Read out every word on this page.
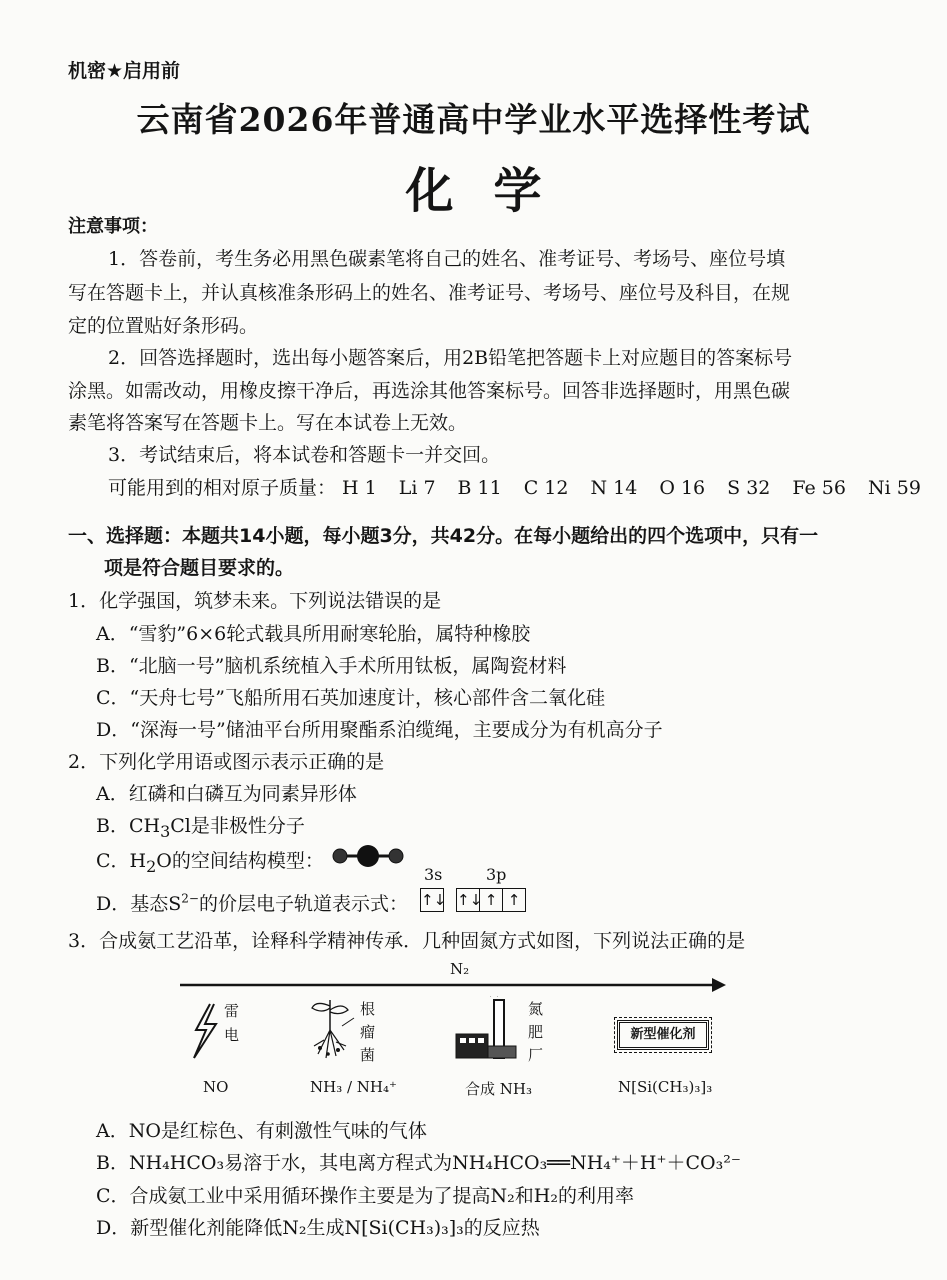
机密★启用前
云南省2026年普通高中学业水平选择性考试
化学
注意事项：
1．答卷前，考生务必用黑色碳素笔将自己的姓名、准考证号、考场号、座位号填
写在答题卡上，并认真核准条形码上的姓名、准考证号、考场号、座位号及科目，在规
定的位置贴好条形码。
2．回答选择题时，选出每小题答案后，用2B铅笔把答题卡上对应题目的答案标号
涂黑。如需改动，用橡皮擦干净后，再选涂其他答案标号。回答非选择题时，用黑色碳
素笔将答案写在答题卡上。写在本试卷上无效。
3．考试结束后，将本试卷和答题卡一并交回。
可能用到的相对原子质量： H 1 Li 7 B 11 C 12 N 14 O 16 S 32 Fe 56 Ni 59
一、选择题：本题共14小题，每小题3分，共42分。在每小题给出的四个选项中，只有一
项是符合题目要求的。
1．化学强国，筑梦未来。下列说法错误的是
A．“雪豹”6×6轮式载具所用耐寒轮胎，属特种橡胶
B．“北脑一号”脑机系统植入手术所用钛板，属陶瓷材料
C．“天舟七号”飞船所用石英加速度计，核心部件含二氧化硅
D．“深海一号”储油平台所用聚酯系泊缆绳，主要成分为有机高分子
2．下列化学用语或图示表示正确的是
A．红磷和白磷互为同素异形体
B．$CH_3Cl$是非极性分子
C．$H_2O$的空间结构模型：
3s	3p
D．基态$S^{2-}$的价层电子轨道表示式： ↑↓ ↑↓ ↑ ↑
3．合成氨工艺沿革，诠释科学精神传承．几种固氮方式如图，下列说法正确的是
N₂
雷
电
根
瘤
菌
氮
肥
厂
新型催化剂
NO	NH₃ / NH₄⁺	合成 NH₃	N[Si(CH₃)₃]₃
A．NO是红棕色、有刺激性气味的气体
B．NH₄HCO₃易溶于水，其电离方程式为NH₄HCO₃══NH₄⁺＋H⁺＋CO₃²⁻
C．合成氨工业中采用循环操作主要是为了提高N₂和H₂的利用率
D．新型催化剂能降低N₂生成N[Si(CH₃)₃]₃的反应热
